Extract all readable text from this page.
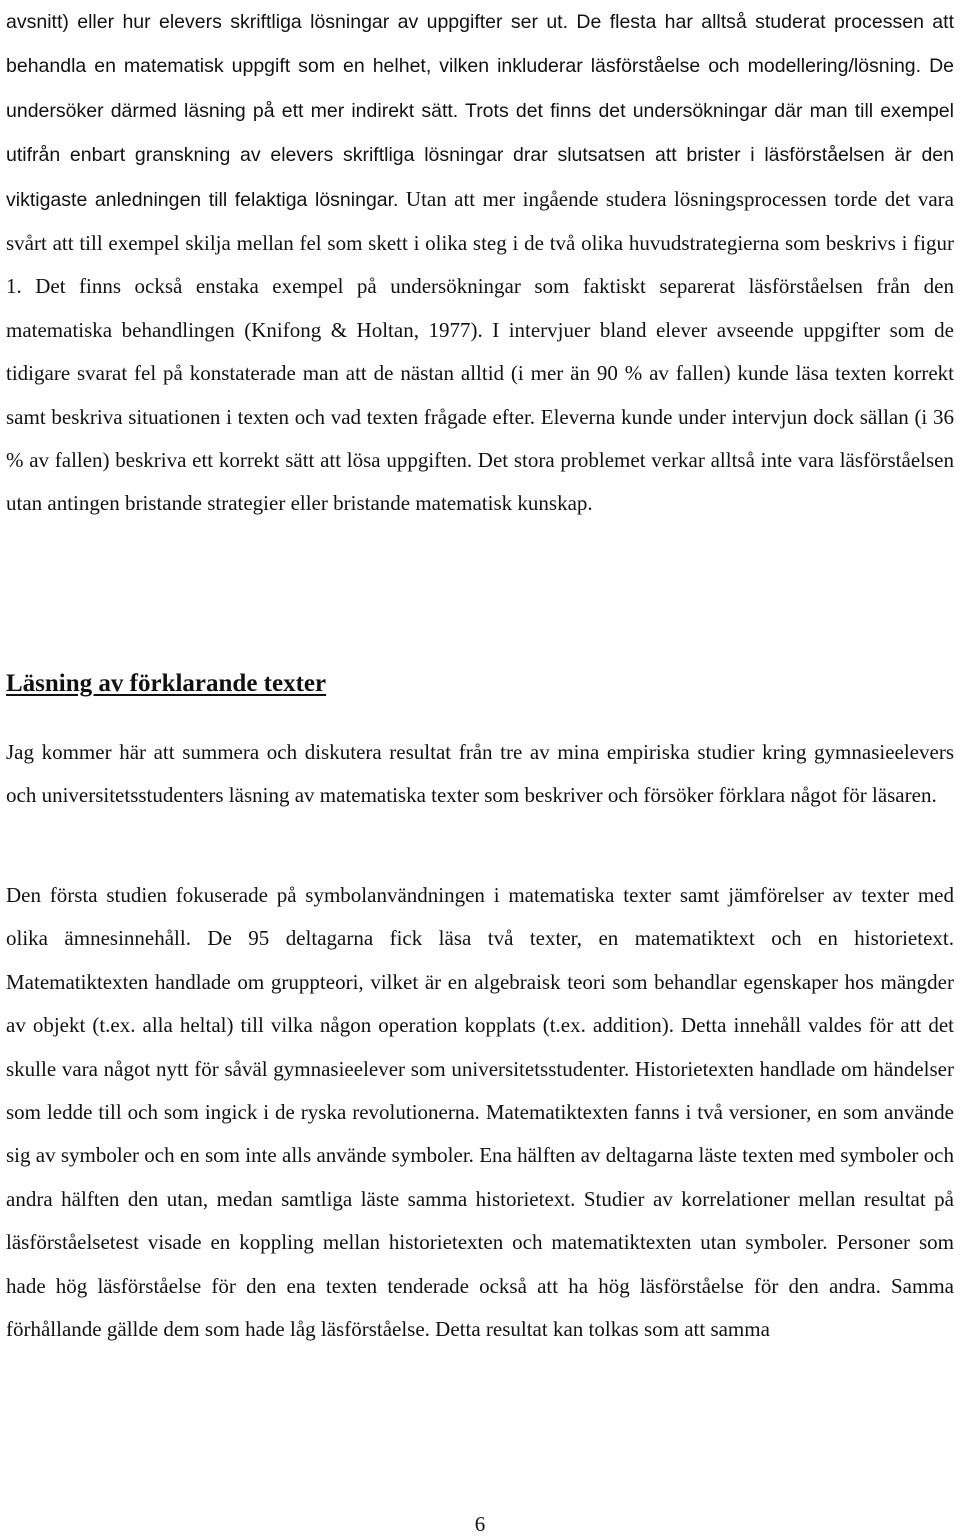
avsnitt) eller hur elevers skriftliga lösningar av uppgifter ser ut. De flesta har alltså studerat processen att behandla en matematisk uppgift som en helhet, vilken inkluderar läsförståelse och modellering/lösning. De undersöker därmed läsning på ett mer indirekt sätt. Trots det finns det undersökningar där man till exempel utifrån enbart granskning av elevers skriftliga lösningar drar slutsatsen att brister i läsförståelsen är den viktigaste anledningen till felaktiga lösningar. Utan att mer ingående studera lösningsprocessen torde det vara svårt att till exempel skilja mellan fel som skett i olika steg i de två olika huvudstrategierna som beskrivs i figur 1. Det finns också enstaka exempel på undersökningar som faktiskt separerat läsförståelsen från den matematiska behandlingen (Knifong & Holtan, 1977). I intervjuer bland elever avseende uppgifter som de tidigare svarat fel på konstaterade man att de nästan alltid (i mer än 90 % av fallen) kunde läsa texten korrekt samt beskriva situationen i texten och vad texten frågade efter. Eleverna kunde under intervjun dock sällan (i 36 % av fallen) beskriva ett korrekt sätt att lösa uppgiften. Det stora problemet verkar alltså inte vara läsförståelsen utan antingen bristande strategier eller bristande matematisk kunskap.

Läsning av förklarande texter

Jag kommer här att summera och diskutera resultat från tre av mina empiriska studier kring gymnasieelevers och universitetsstudenters läsning av matematiska texter som beskriver och försöker förklara något för läsaren.

Den första studien fokuserade på symbolanvändningen i matematiska texter samt jämförelser av texter med olika ämnesinnehåll. De 95 deltagarna fick läsa två texter, en matematiktext och en historietext. Matematiktexten handlade om gruppteori, vilket är en algebraisk teori som behandlar egenskaper hos mängder av objekt (t.ex. alla heltal) till vilka någon operation kopplats (t.ex. addition). Detta innehåll valdes för att det skulle vara något nytt för såväl gymnasieelever som universitetsstudenter. Historietexten handlade om händelser som ledde till och som ingick i de ryska revolutionerna. Matematiktexten fanns i två versioner, en som använde sig av symboler och en som inte alls använde symboler. Ena hälften av deltagarna läste texten med symboler och andra hälften den utan, medan samtliga läste samma historietext. Studier av korrelationer mellan resultat på läsförståelsetest visade en koppling mellan historietexten och matematiktexten utan symboler. Personer som hade hög läsförståelse för den ena texten tenderade också att ha hög läsförståelse för den andra. Samma förhållande gällde dem som hade låg läsförståelse. Detta resultat kan tolkas som att samma

6
